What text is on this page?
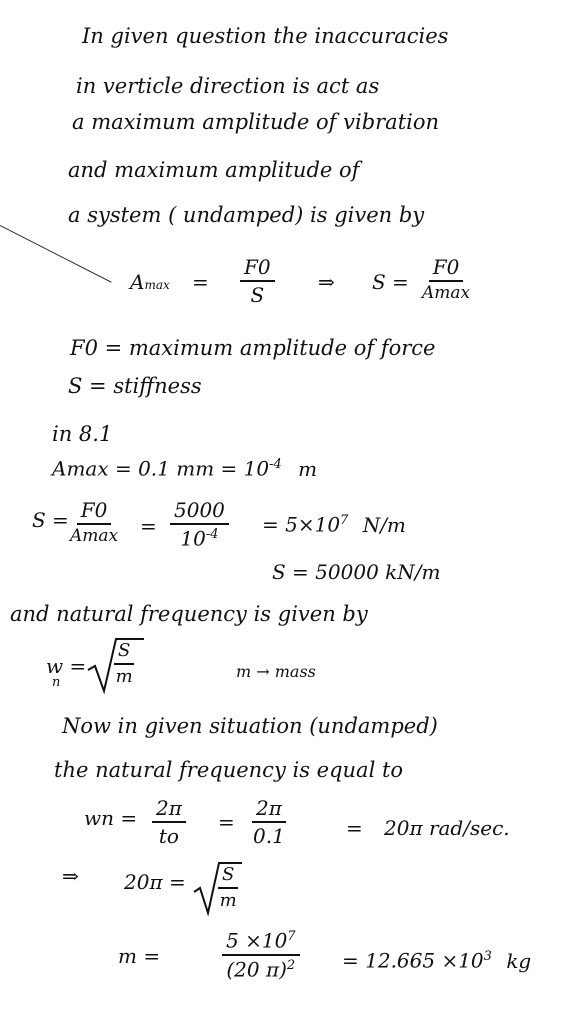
In given question the inaccuracies
in verticle direction is act as
a maximum amplitude of vibration
and maximum amplitude of
a system ( undamped) is given by
$Amax = \frac{F0}{S}$ ⇒ S =
F0
Amax
F0 = maximum amplitude of force
S = stiffness
in 8.1
Amax = 0.1 mm = $10^{-4}$ m
S = F0
$Amax = \frac{5000}{10^{-4}} = 5\times 10^7$ N/m
S = 50000 kN/m
and natural frequency is given by
w =
n	$\frac{S}{m}$	m → mass
Now in given situation (undamped)
the natural frequency is equal to
wn = $\frac{2\pi}{to} = \frac{2\pi}{0.1}$	= 20π rad/sec.
⇒ $20\pi = \frac{S}{m}$
m =	$\frac{5 \times 10^7}{(20 \pi)^2} = 12.665 \times 10^3$ kg
